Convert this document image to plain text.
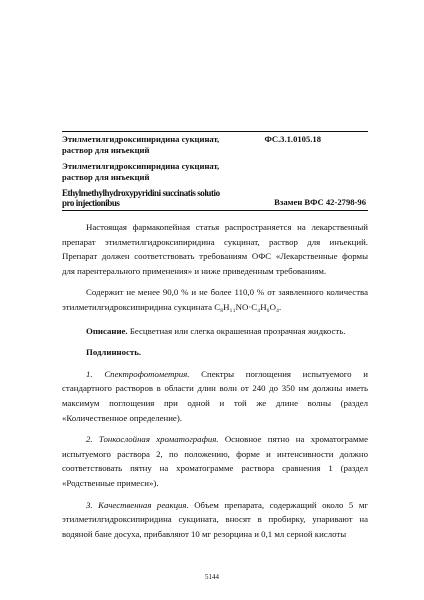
Этилметилгидроксипиридина сукцинат, раствор для инъекций
ФС.3.1.0105.18
Этилметилгидроксипиридина сукцинат, раствор для инъекций
Ethylmethylhydroxypyridini succinatis solutio pro injectionibus	Взамен ВФС 42-2798-96

Настоящая фармакопейная статья распространяется на лекарственный препарат этилметилгидроксипиридина сукцинат, раствор для инъекций. Препарат должен соответствовать требованиям ОФС «Лекарственные формы для парентерального применения» и ниже приведенным требованиям.

Содержит не менее 90,0 % и не более 110,0 % от заявленного количества этилметилгидроксипиридина сукцината C₈H₁₁NO·C₄H₆O₄.

Описание. Бесцветная или слегка окрашенная прозрачная жидкость.

Подлинность.

1. Спектрофотометрия. Спектры поглощения испытуемого и стандартного растворов в области длин волн от 240 до 350 нм должны иметь максимум поглощения при одной и той же длине волны (раздел «Количественное определение).

2. Тонкослойная хроматография. Основное пятно на хроматограмме испытуемого раствора 2, по положению, форме и интенсивности должно соответствовать пятну на хроматограмме раствора сравнения 1 (раздел «Родственные примеси»).

3. Качественная реакция. Объем препарата, содержащий около 5 мг этилметилгидроксипиридина сукцината, вносят в пробирку, упаривают на водяной бане досуха, прибавляют 10 мг резорцина и 0,1 мл серной кислоты

5144
